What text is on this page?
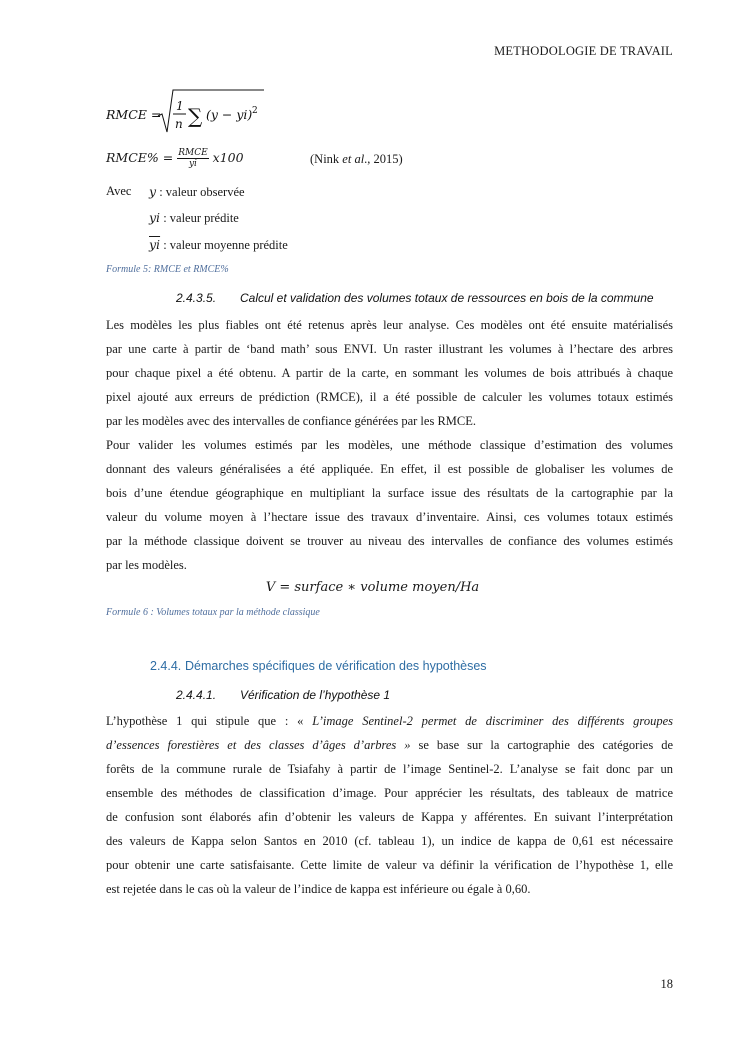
METHODOLOGIE DE TRAVAIL
RMCE =
1
n ∑ (y − yi) 2
RMCE% = $\frac{\text{RMCE}}{yi} x100$	(Nink et al., 2015)
Avec y : valeur observée
yi : valeur prédite
$\overline{yi}$ : valeur moyenne prédite
Formule 5: RMCE et RMCE%
2.4.3.5. Calcul et validation des volumes totaux de ressources en bois de la commune
Les modèles les plus fiables ont été retenus après leur analyse. Ces modèles ont été ensuite matérialisés
par une carte à partir de ‘band math’ sous ENVI. Un raster illustrant les volumes à l’hectare des arbres
pour chaque pixel a été obtenu. A partir de la carte, en sommant les volumes de bois attribués à chaque
pixel ajouté aux erreurs de prédiction (RMCE), il a été possible de calculer les volumes totaux estimés
par les modèles avec des intervalles de confiance générées par les RMCE.
Pour valider les volumes estimés par les modèles, une méthode classique d’estimation des volumes
donnant des valeurs généralisées a été appliquée. En effet, il est possible de globaliser les volumes de
bois d’une étendue géographique en multipliant la surface issue des résultats de la cartographie par la
valeur du volume moyen à l’hectare issue des travaux d’inventaire. Ainsi, ces volumes totaux estimés
par la méthode classique doivent se trouver au niveau des intervalles de confiance des volumes estimés
par les modèles.
V = surface ∗ volume moyen/Ha
Formule 6 : Volumes totaux par la méthode classique
2.4.4. Démarches spécifiques de vérification des hypothèses
2.4.4.1. Vérification de l’hypothèse 1
L’hypothèse 1 qui stipule que : « L’image Sentinel-2 permet de discriminer des différents groupes
d’essences forestières et des classes d’âges d’arbres » se base sur la cartographie des catégories de
forêts de la commune rurale de Tsiafahy à partir de l’image Sentinel-2. L’analyse se fait donc par un
ensemble des méthodes de classification d’image. Pour apprécier les résultats, des tableaux de matrice
de confusion sont élaborés afin d’obtenir les valeurs de Kappa y afférentes. En suivant l’interprétation
des valeurs de Kappa selon Santos en 2010 (cf. tableau 1), un indice de kappa de 0,61 est nécessaire
pour obtenir une carte satisfaisante. Cette limite de valeur va définir la vérification de l’hypothèse 1, elle
est rejetée dans le cas où la valeur de l’indice de kappa est inférieure ou égale à 0,60.
18
